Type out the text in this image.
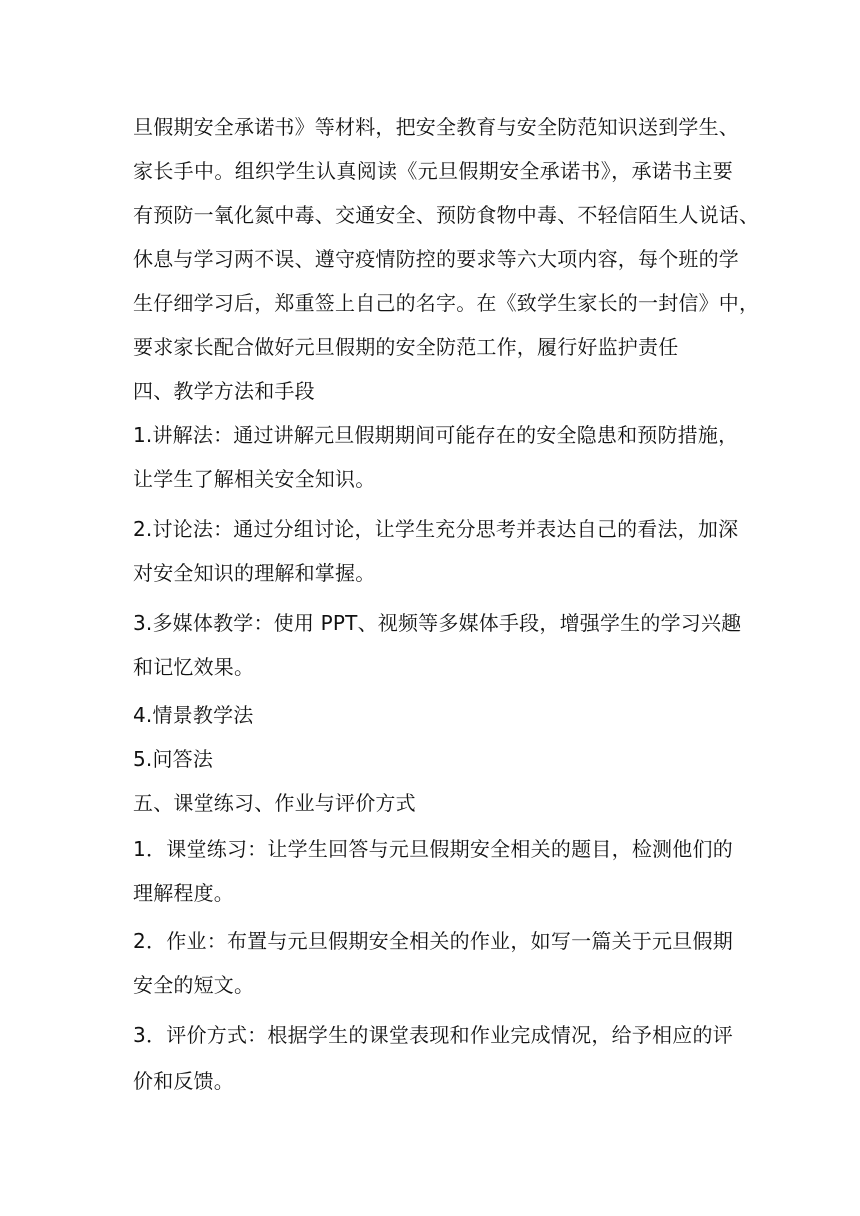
旦假期安全承诺书》等材料，把安全教育与安全防范知识送到学生、
家长手中。组织学生认真阅读《元旦假期安全承诺书》，承诺书主要
有预防一氧化氮中毒、交通安全、预防食物中毒、不轻信陌生人说话、
休息与学习两不误、遵守疫情防控的要求等六大项内容，每个班的学
生仔细学习后，郑重签上自己的名字。在《致学生家长的一封信》中，
要求家长配合做好元旦假期的安全防范工作，履行好监护责任
四、教学方法和手段
1.讲解法：通过讲解元旦假期期间可能存在的安全隐患和预防措施，
让学生了解相关安全知识。
2.讨论法：通过分组讨论，让学生充分思考并表达自己的看法，加深
对安全知识的理解和掌握。
3.多媒体教学：使用 PPT、视频等多媒体手段，增强学生的学习兴趣
和记忆效果。
4.情景教学法
5.问答法
五、课堂练习、作业与评价方式
1．课堂练习：让学生回答与元旦假期安全相关的题目，检测他们的
理解程度。
2．作业：布置与元旦假期安全相关的作业，如写一篇关于元旦假期
安全的短文。
3．评价方式：根据学生的课堂表现和作业完成情况，给予相应的评
价和反馈。
